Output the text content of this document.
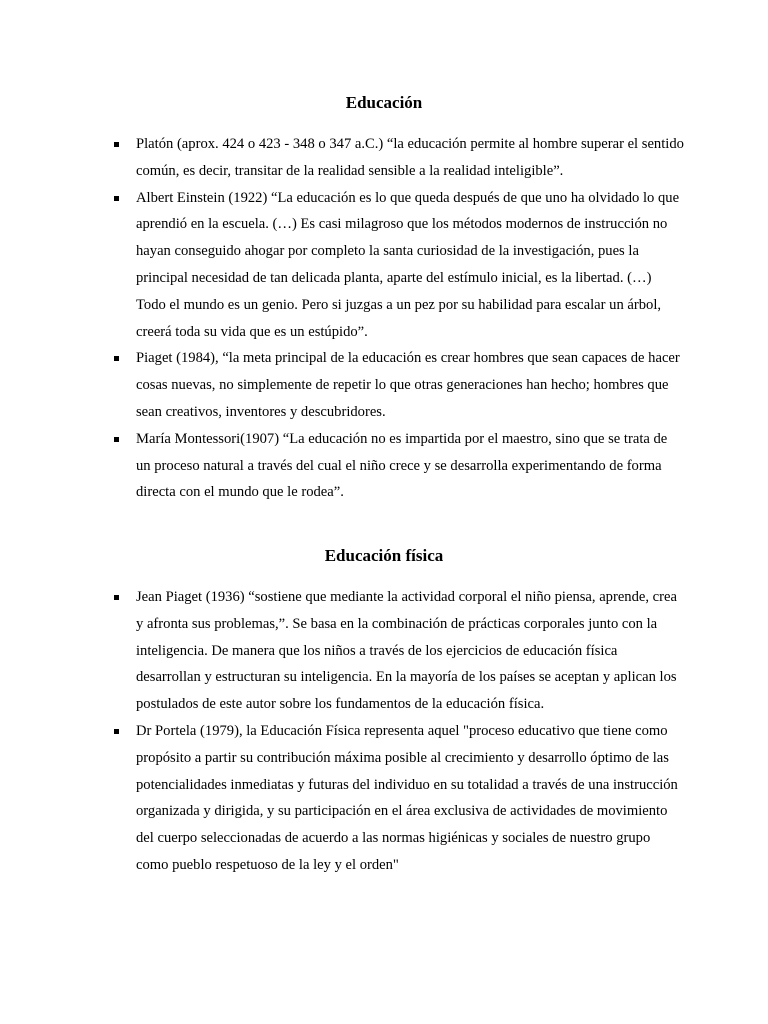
Educación
Platón (aprox. 424 o 423 - 348 o 347 a.C.) “la educación permite al hombre superar el sentido común, es decir, transitar de la realidad sensible a la realidad inteligible”.
Albert Einstein (1922) “La educación es lo que queda después de que uno ha olvidado lo que aprendió en la escuela. (…) Es casi milagroso que los métodos modernos de instrucción no hayan conseguido ahogar por completo la santa curiosidad de la investigación, pues la principal necesidad de tan delicada planta, aparte del estímulo inicial, es la libertad. (…) Todo el mundo es un genio. Pero si juzgas a un pez por su habilidad para escalar un árbol, creerá toda su vida que es un estúpido”.
Piaget (1984), “la meta principal de la educación es crear hombres que sean capaces de hacer cosas nuevas, no simplemente de repetir lo que otras generaciones han hecho; hombres que sean creativos, inventores y descubridores.
María Montessori(1907) “La educación no es impartida por el maestro, sino que se trata de un proceso natural a través del cual el niño crece y se desarrolla experimentando de forma directa con el mundo que le rodea”.
Educación física
Jean Piaget (1936) “sostiene que mediante la actividad corporal el niño piensa, aprende, crea y afronta sus problemas,”. Se basa en la combinación de prácticas corporales junto con la inteligencia. De manera que los niños a través de los ejercicios de educación física desarrollan y estructuran su inteligencia. En la mayoría de los países se aceptan y aplican los postulados de este autor sobre los fundamentos de la educación física.
Dr Portela (1979), la Educación Física representa aquel "proceso educativo que tiene como propósito a partir su contribución máxima posible al crecimiento y desarrollo óptimo de las potencialidades inmediatas y futuras del individuo en su totalidad a través de una instrucción organizada y dirigida, y su participación en el área exclusiva de actividades de movimiento del cuerpo seleccionadas de acuerdo a las normas higiénicas y sociales de nuestro grupo como pueblo respetuoso de la ley y el orden"
